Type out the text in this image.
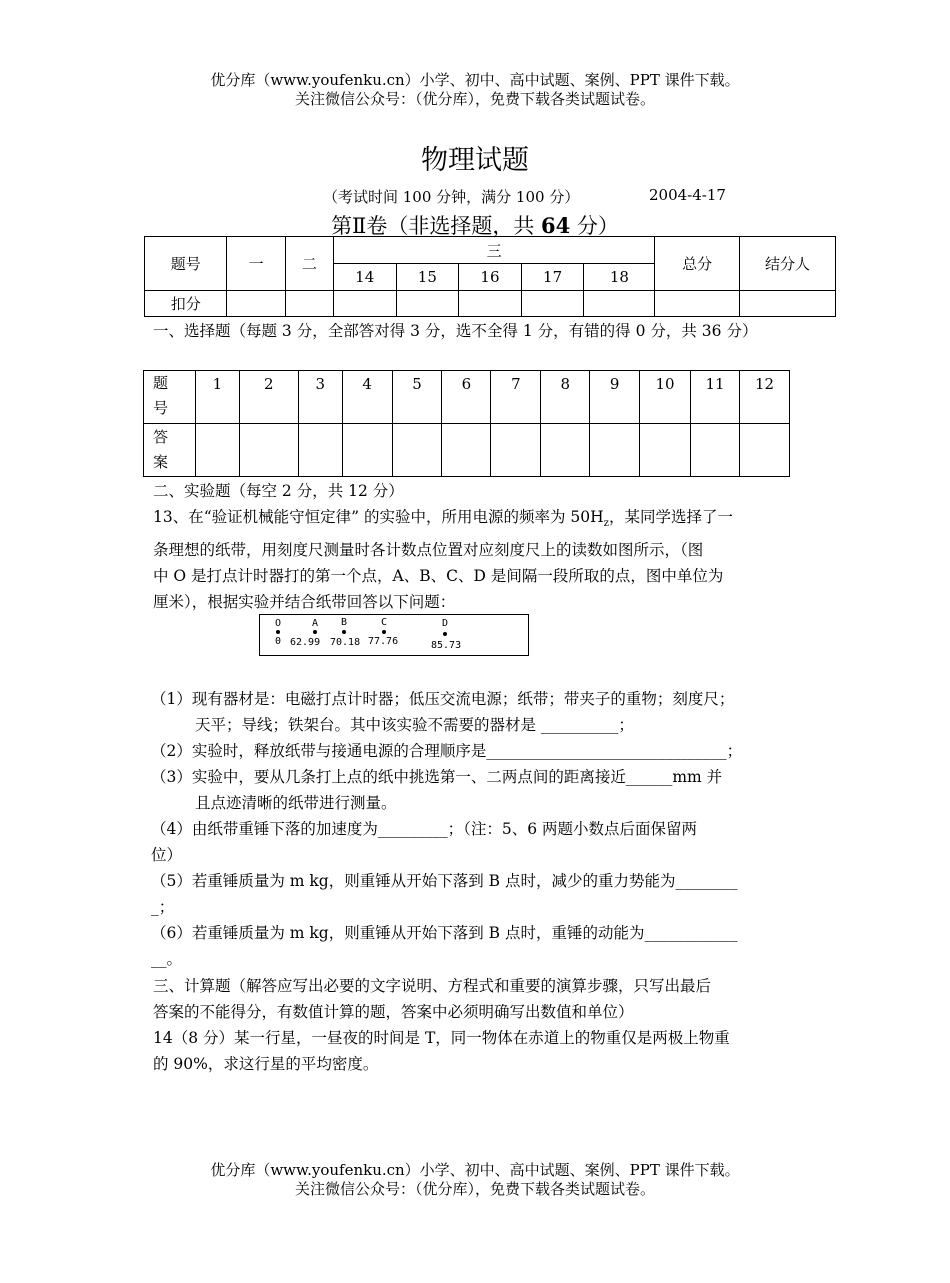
优分库（www.youfenku.cn）小学、初中、高中试题、案例、PPT 课件下载。
关注微信公众号：（优分库），免费下载各类试题试卷。
物理试题
（考试时间 100 分钟，满分 100 分）	2004-4-17
第Ⅱ卷（非选择题，共 64 分）
题号	一	二	三					总分	结分人
			14	15	16	17	18		
扣分									
一、选择题（每题 3 分，全部答对得 3 分，选不全得 1 分，有错的得 0 分，共 36 分）
题
号	1	2	3	4	5	6	7	8	9	10	11	12

答
案												

二、实验题（每空 2 分，共 12 分）
13、在“验证机械能守恒定律” 的实验中，所用电源的频率为 $50H_z$，某同学选择了一
条理想的纸带，用刻度尺测量时各计数点位置对应刻度尺上的读数如图所示，（图
中 O 是打点计时器打的第一个点，A、B、C、D 是间隔一段所取的点，图中单位为
厘米），根据实验并结合纸带回答以下问题：
O	A B	C	D
0 62.99 70.18 77.76	85.73
（1）现有器材是：电磁打点计时器；低压交流电源；纸带；带夹子的重物；刻度尺；
天平；导线；铁架台。其中该实验不需要的器材是 __________；
（2）实验时，释放纸带与接通电源的合理顺序是_______________________________；
（3）实验中，要从几条打上点的纸中挑选第一、二两点间的距离接近______mm 并
且点迹清晰的纸带进行测量。
（4）由纸带重锤下落的加速度为_________；（注：5、6 两题小数点后面保留两
位）
（5）若重锤质量为 m kg，则重锤从开始下落到 B 点时，减少的重力势能为________
_；
（6）若重锤质量为 m kg，则重锤从开始下落到 B 点时，重锤的动能为____________
__。
三、计算题（解答应写出必要的文字说明、方程式和重要的演算步骤，只写出最后
答案的不能得分，有数值计算的题，答案中必须明确写出数值和单位）
14（8 分）某一行星，一昼夜的时间是 T，同一物体在赤道上的物重仅是两极上物重
的 90%，求这行星的平均密度。
优分库（www.youfenku.cn）小学、初中、高中试题、案例、PPT 课件下载。
关注微信公众号：（优分库），免费下载各类试题试卷。
